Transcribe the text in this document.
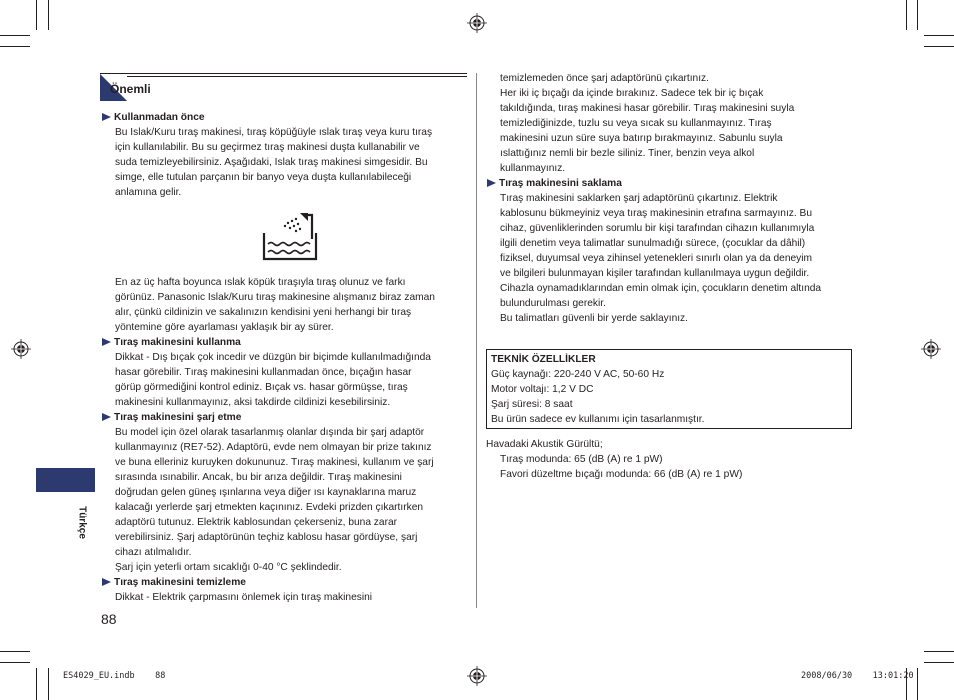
Önemli
Kullanmadan önce
Bu Islak/Kuru tıraş makinesi, tıraş köpüğüyle ıslak tıraş veya kuru tıraş
için kullanılabilir. Bu su geçirmez tıraş makinesi duşta kullanabilir ve
suda temizleyebilirsiniz. Aşağıdaki, Islak tıraş makinesi simgesidir. Bu
simge, elle tutulan parçanın bir banyo veya duşta kullanılabileceği
anlamına gelir.
En az üç hafta boyunca ıslak köpük tıraşıyla tıraş olunuz ve farkı
görünüz. Panasonic Islak/Kuru tıraş makinesine alışmanız biraz zaman
alır, çünkü cildinizin ve sakalınızın kendisini yeni herhangi bir tıraş
yöntemine göre ayarlaması yaklaşık bir ay sürer.
Tıraş makinesini kullanma
Dikkat - Dış bıçak çok incedir ve düzgün bir biçimde kullanılmadığında
hasar görebilir. Tıraş makinesini kullanmadan önce, bıçağın hasar
görüp görmediğini kontrol ediniz. Bıçak vs. hasar görmüşse, tıraş
makinesini kullanmayınız, aksi takdirde cildinizi kesebilirsiniz.
Tıraş makinesini şarj etme
Bu model için özel olarak tasarlanmış olanlar dışında bir şarj adaptör
kullanmayınız (RE7-52). Adaptörü, evde nem olmayan bir prize takınız
ve buna elleriniz kuruyken dokununuz. Tıraş makinesi, kullanım ve şarj
sırasında ısınabilir. Ancak, bu bir arıza değildir. Tıraş makinesini
doğrudan gelen güneş ışınlarına veya diğer ısı kaynaklarına maruz
kalacağı yerlerde şarj etmekten kaçınınız. Evdeki prizden çıkartırken
adaptörü tutunuz. Elektrik kablosundan çekerseniz, buna zarar
verebilirsiniz. Şarj adaptörünün teçhiz kablosu hasar gördüyse, şarj
cihazı atılmalıdır.
Şarj için yeterli ortam sıcaklığı 0-40 °C şeklindedir.
Tıraş makinesini temizleme
Dikkat - Elektrik çarpmasını önlemek için tıraş makinesini
Türkçe
88
temizlemeden önce şarj adaptörünü çıkartınız.
Her iki iç bıçağı da içinde bırakınız. Sadece tek bir iç bıçak
takıldığında, tıraş makinesi hasar görebilir. Tıraş makinesini suyla
temizlediğinizde, tuzlu su veya sıcak su kullanmayınız. Tıraş
makinesini uzun süre suya batırıp bırakmayınız. Sabunlu suyla
ıslattığınız nemli bir bezle siliniz. Tiner, benzin veya alkol
kullanmayınız.
Tıraş makinesini saklama
Tıraş makinesini saklarken şarj adaptörünü çıkartınız. Elektrik
kablosunu bükmeyiniz veya tıraş makinesinin etrafına sarmayınız. Bu
cihaz, güvenliklerinden sorumlu bir kişi tarafından cihazın kullanımıyla
ilgili denetim veya talimatlar sunulmadığı sürece, (çocuklar da dâhil)
fiziksel, duyumsal veya zihinsel yetenekleri sınırlı olan ya da deneyim
ve bilgileri bulunmayan kişiler tarafından kullanılmaya uygun değildir.
Cihazla oynamadıklarından emin olmak için, çocukların denetim altında
bulundurulması gerekir.
Bu talimatları güvenli bir yerde saklayınız.
TEKNİK ÖZELLİKLER
Güç kaynağı: 220-240 V AC, 50-60 Hz
Motor voltajı: 1,2 V DC
Şarj süresi: 8 saat
Bu ürün sadece ev kullanımı için tasarlanmıştır.
Havadaki Akustik Gürültü;
Tıraş modunda: 65 (dB (A) re 1 pW)
Favori düzeltme bıçağı modunda: 66 (dB (A) re 1 pW)
ES4029_EU.indb    88	2008/06/30    13:01:20
